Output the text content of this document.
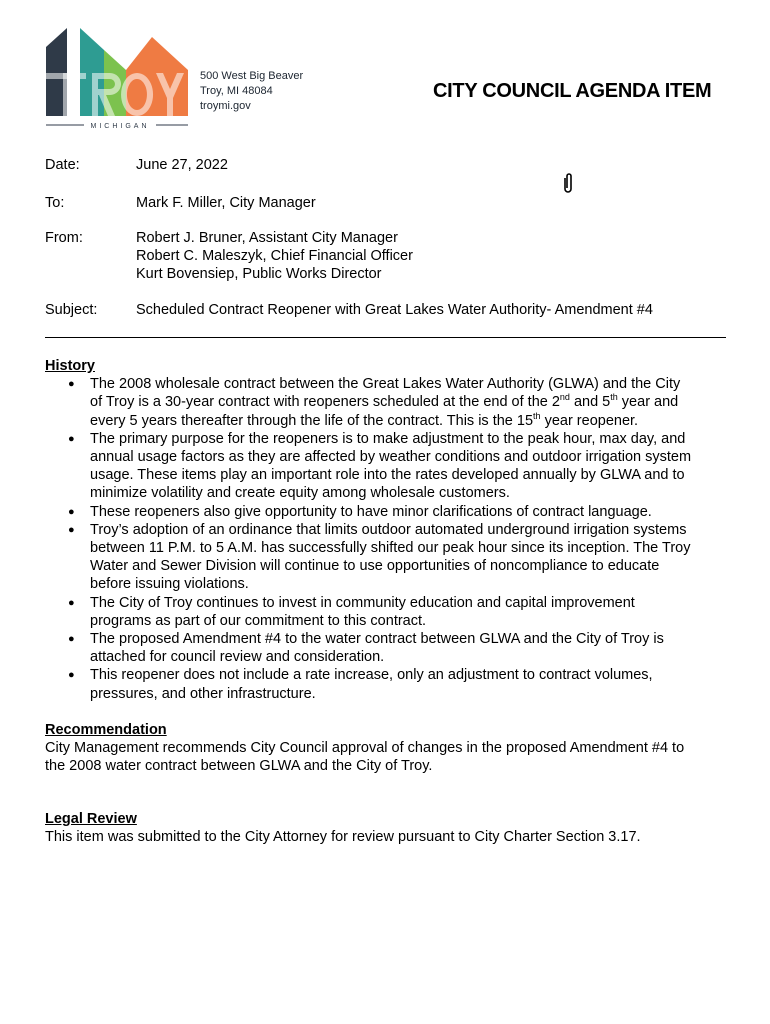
MICHIGAN
500 West Big Beaver
Troy, MI 48084
troymi.gov
CITY COUNCIL AGENDA ITEM
Date:	June 27, 2022
To:	Mark F. Miller, City Manager
From:	Robert J. Bruner, Assistant City Manager
Robert C. Maleszyk, Chief Financial Officer
Kurt Bovensiep, Public Works Director
Subject:	Scheduled Contract Reopener with Great Lakes Water Authority- Amendment #4
History
● The 2008 wholesale contract between the Great Lakes Water Authority (GLWA) and the City
of Troy is a 30-year contract with reopeners scheduled at the end of the 2nd and 5th year and
every 5 years thereafter through the life of the contract. This is the 15th year reopener.
● The primary purpose for the reopeners is to make adjustment to the peak hour, max day, and
annual usage factors as they are affected by weather conditions and outdoor irrigation system
usage. These items play an important role into the rates developed annually by GLWA and to
minimize volatility and create equity among wholesale customers.
● These reopeners also give opportunity to have minor clarifications of contract language.
● Troy’s adoption of an ordinance that limits outdoor automated underground irrigation systems
between 11 P.M. to 5 A.M. has successfully shifted our peak hour since its inception. The Troy
Water and Sewer Division will continue to use opportunities of noncompliance to educate
before issuing violations.
● The City of Troy continues to invest in community education and capital improvement
programs as part of our commitment to this contract.
● The proposed Amendment #4 to the water contract between GLWA and the City of Troy is
attached for council review and consideration.
● This reopener does not include a rate increase, only an adjustment to contract volumes,
pressures, and other infrastructure.
Recommendation
City Management recommends City Council approval of changes in the proposed Amendment #4 to
the 2008 water contract between GLWA and the City of Troy.
Legal Review
This item was submitted to the City Attorney for review pursuant to City Charter Section 3.17.
